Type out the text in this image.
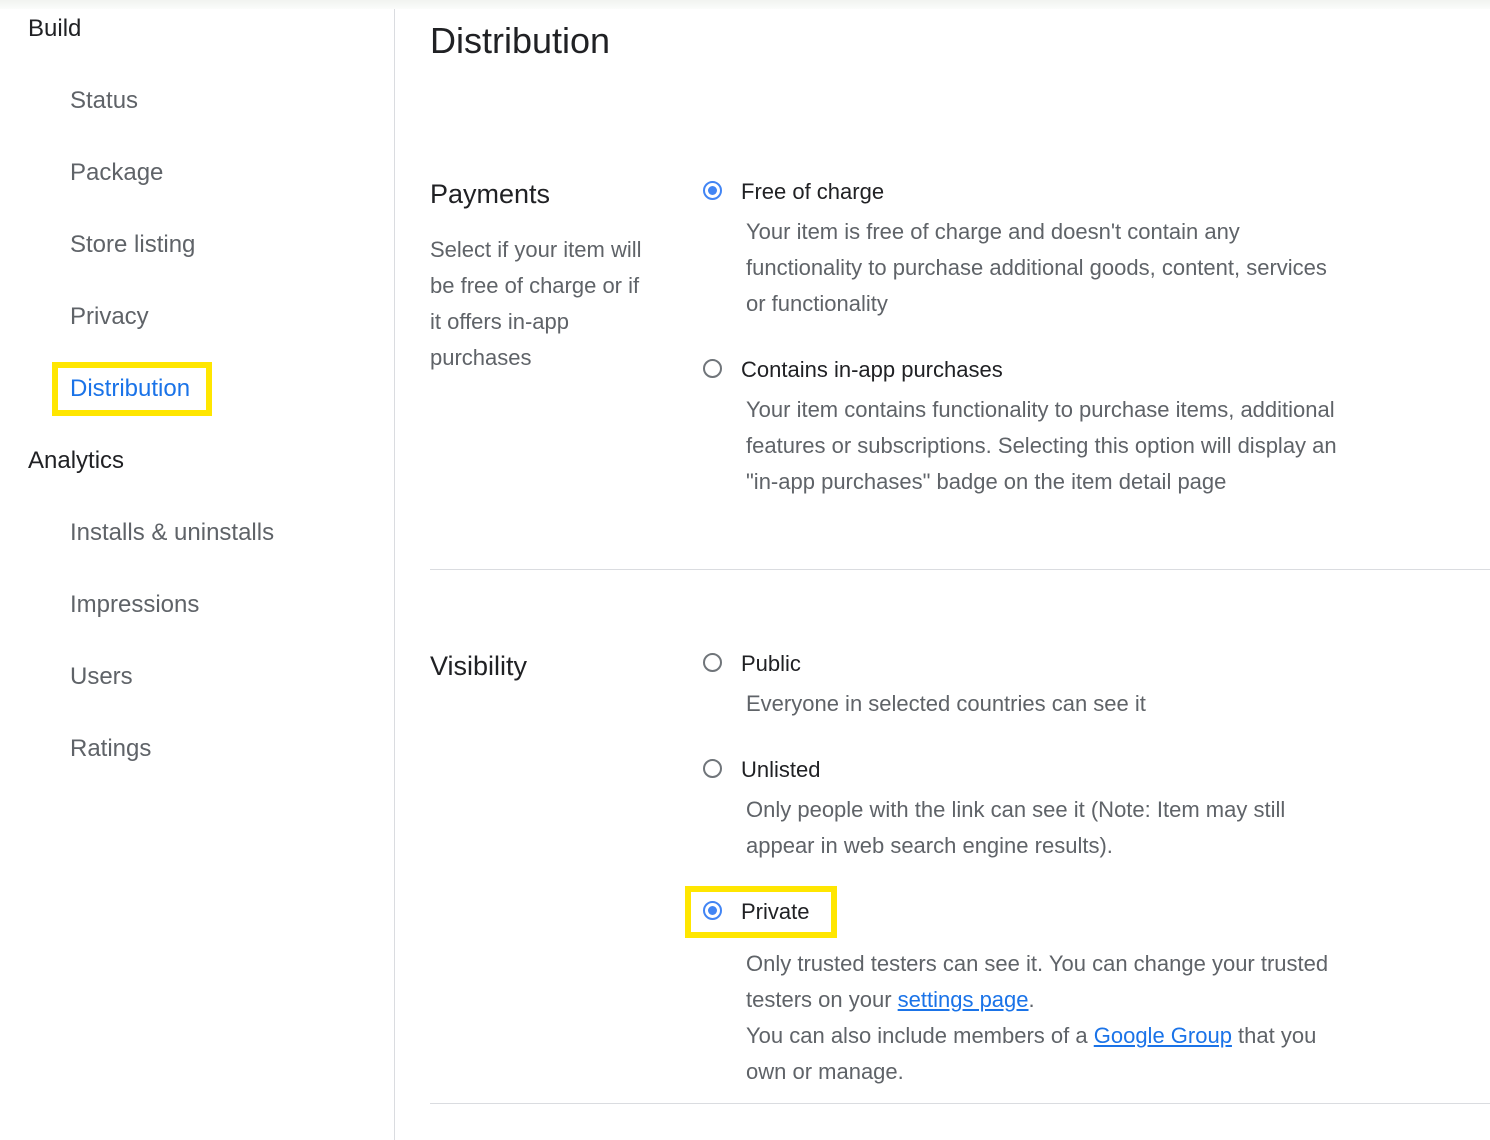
Build
Status
Package
Store listing
Privacy
Distribution
Analytics
Installs & uninstalls
Impressions
Users
Ratings
Distribution
Payments

Select if your item will be free of charge or if it offers in-app purchases

Free of charge
Your item is free of charge and doesn't contain any functionality to purchase additional goods, content, services or functionality
Contains in-app purchases
Your item contains functionality to purchase items, additional features or subscriptions. Selecting this option will display an "in-app purchases" badge on the item detail page
Visibility	Public
Everyone in selected countries can see it
Unlisted
Only people with the link can see it (Note: Item may still appear in web search engine results).
Private
Only trusted testers can see it. You can change your trusted testers on your settings page.
You can also include members of a Google Group that you own or manage.
